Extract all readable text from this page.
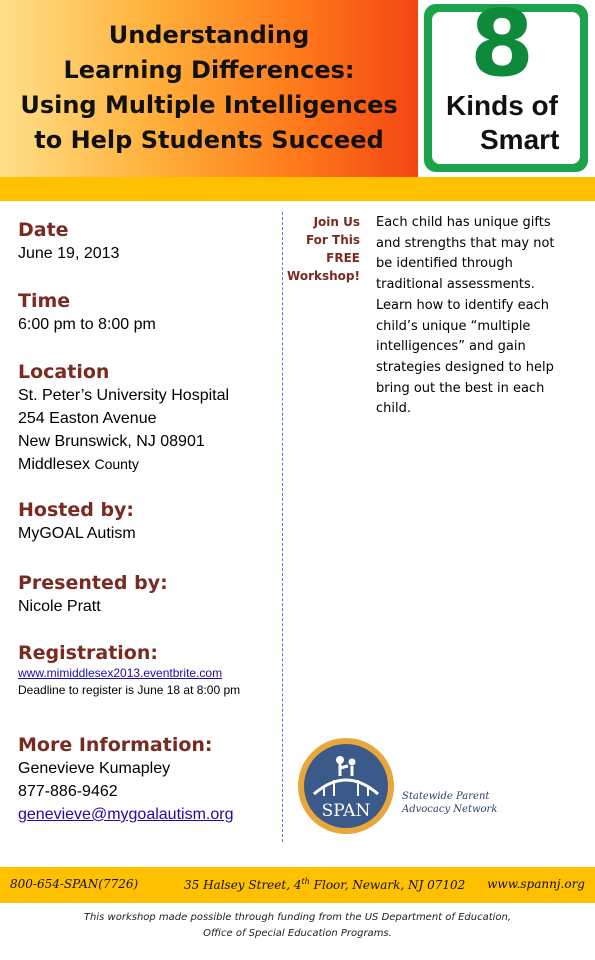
Understanding
Learning Differences:
Using Multiple Intelligences
to Help Students Succeed
8
Kinds of
Smart
Date
June 19, 2013
Time
6:00 pm to 8:00 pm
Location
St. Peter’s University Hospital
254 Easton Avenue
New Brunswick, NJ 08901
Middlesex County
Hosted by:
MyGOAL Autism
Presented by:
Nicole Pratt
Registration:
www.mimiddlesex2013.eventbrite.com
Deadline to register is June 18 at 8:00 pm
More Information:
Genevieve Kumapley
877-886-9462
genevieve@mygoalautism.org
Join Us
For This
FREE
Workshop!
Each child has unique gifts and strengths that may not be identified through traditional assessments. Learn how to identify each child’s unique “multiple intelligences” and gain strategies designed to help bring out the best in each child.
SPAN
Statewide Parent
Advocacy Network
800-654-SPAN(7726)	35 Halsey Street, 4th Floor, Newark, NJ 07102 www.spannj.org
This workshop made possible through funding from the US Department of Education,
Office of Special Education Programs.
